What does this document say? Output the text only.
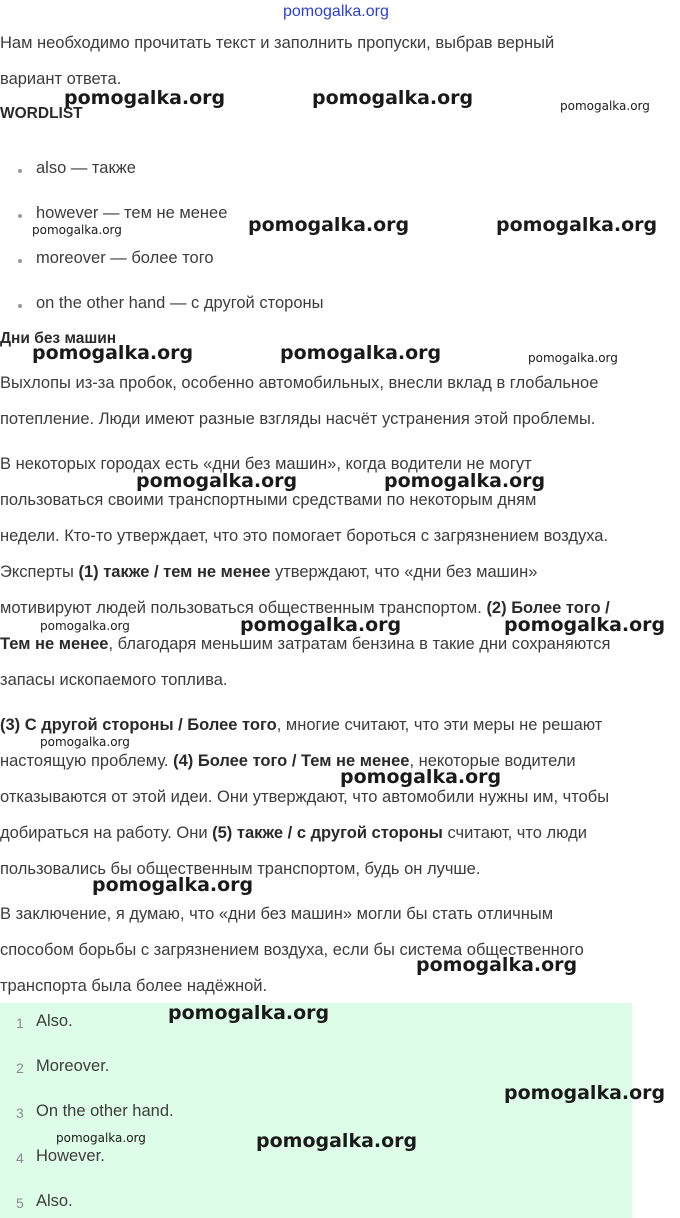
pomogalka.org
Нам необходимо прочитать текст и заполнить пропуски, выбрав верный
вариант ответа.
WORDLIST
also — также
however — тем не менее
moreover — более того
on the other hand — с другой стороны
Дни без машин
Выхлопы из-за пробок, особенно автомобильных, внесли вклад в глобальное
потепление. Люди имеют разные взгляды насчёт устранения этой проблемы.
В некоторых городах есть «дни без машин», когда водители не могут
пользоваться своими транспортными средствами по некоторым дням
недели. Кто-то утверждает, что это помогает бороться с загрязнением воздуха.
Эксперты (1) также / тем не менее утверждают, что «дни без машин»
мотивируют людей пользоваться общественным транспортом. (2) Более того /
Тем не менее, благодаря меньшим затратам бензина в такие дни сохраняются
запасы ископаемого топлива.
(3) С другой стороны / Более того, многие считают, что эти меры не решают
настоящую проблему. (4) Более того / Тем не менее, некоторые водители
отказываются от этой идеи. Они утверждают, что автомобили нужны им, чтобы
добираться на работу. Они (5) также / с другой стороны считают, что люди
пользовались бы общественным транспортом, будь он лучше.
В заключение, я думаю, что «дни без машин» могли бы стать отличным
способом борьбы с загрязнением воздуха, если бы система общественного
транспорта была более надёжной.
1 Also.
2 Moreover.
3 On the other hand.
4 However.
5 Also.
pomogalka.org	pomogalka.org	pomogalka.org
pomogalka.org	pomogalka.org	pomogalka.org
pomogalka.org	pomogalka.org	pomogalka.org
pomogalka.org	pomogalka.org
pomogalka.org	pomogalka.org	pomogalka.org
pomogalka.org
pomogalka.org
pomogalka.org
pomogalka.org
pomogalka.org
pomogalka.org
pomogalka.org	pomogalka.org
